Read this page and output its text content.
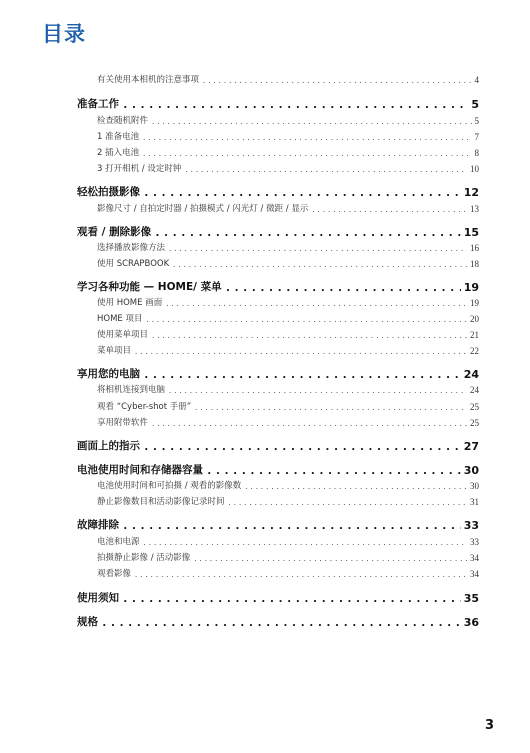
目录
有关使用本相机的注意事项 .....	4
准备工作 .....	5
检查随机附件 .....	5
1 准备电池 .....	7
2 插入电池 .....	8
3 打开相机 / 设定时钟 .....	10
轻松拍摄影像 .....	12
影像尺寸 / 自拍定时器 / 拍摄模式 / 闪光灯 / 微距 / 显示 .....	13
观看 / 删除影像 .....	15
选择播放影像方法 .....	16
使用 SCRAPBOOK .....	18
学习各种功能 — HOME/ 菜单 .....	19
使用 HOME 画面 .....	19
HOME 项目 .....	20
使用菜单项目 .....	21
菜单项目 .....	22
享用您的电脑 .....	24
将相机连接到电脑 .....	24
观看 “Cyber-shot 手册” .....	25
享用附带软件 .....	25
画面上的指示 .....	27
电池使用时间和存储器容量 .....	30
电池使用时间和可拍摄 / 观看的影像数 .....	30
静止影像数目和活动影像记录时间 .....	31
故障排除 .....	33
电池和电源 .....	33
拍摄静止影像 / 活动影像 .....	34
观看影像 .....	34
使用须知 .....	35
规格 .....	36
3
